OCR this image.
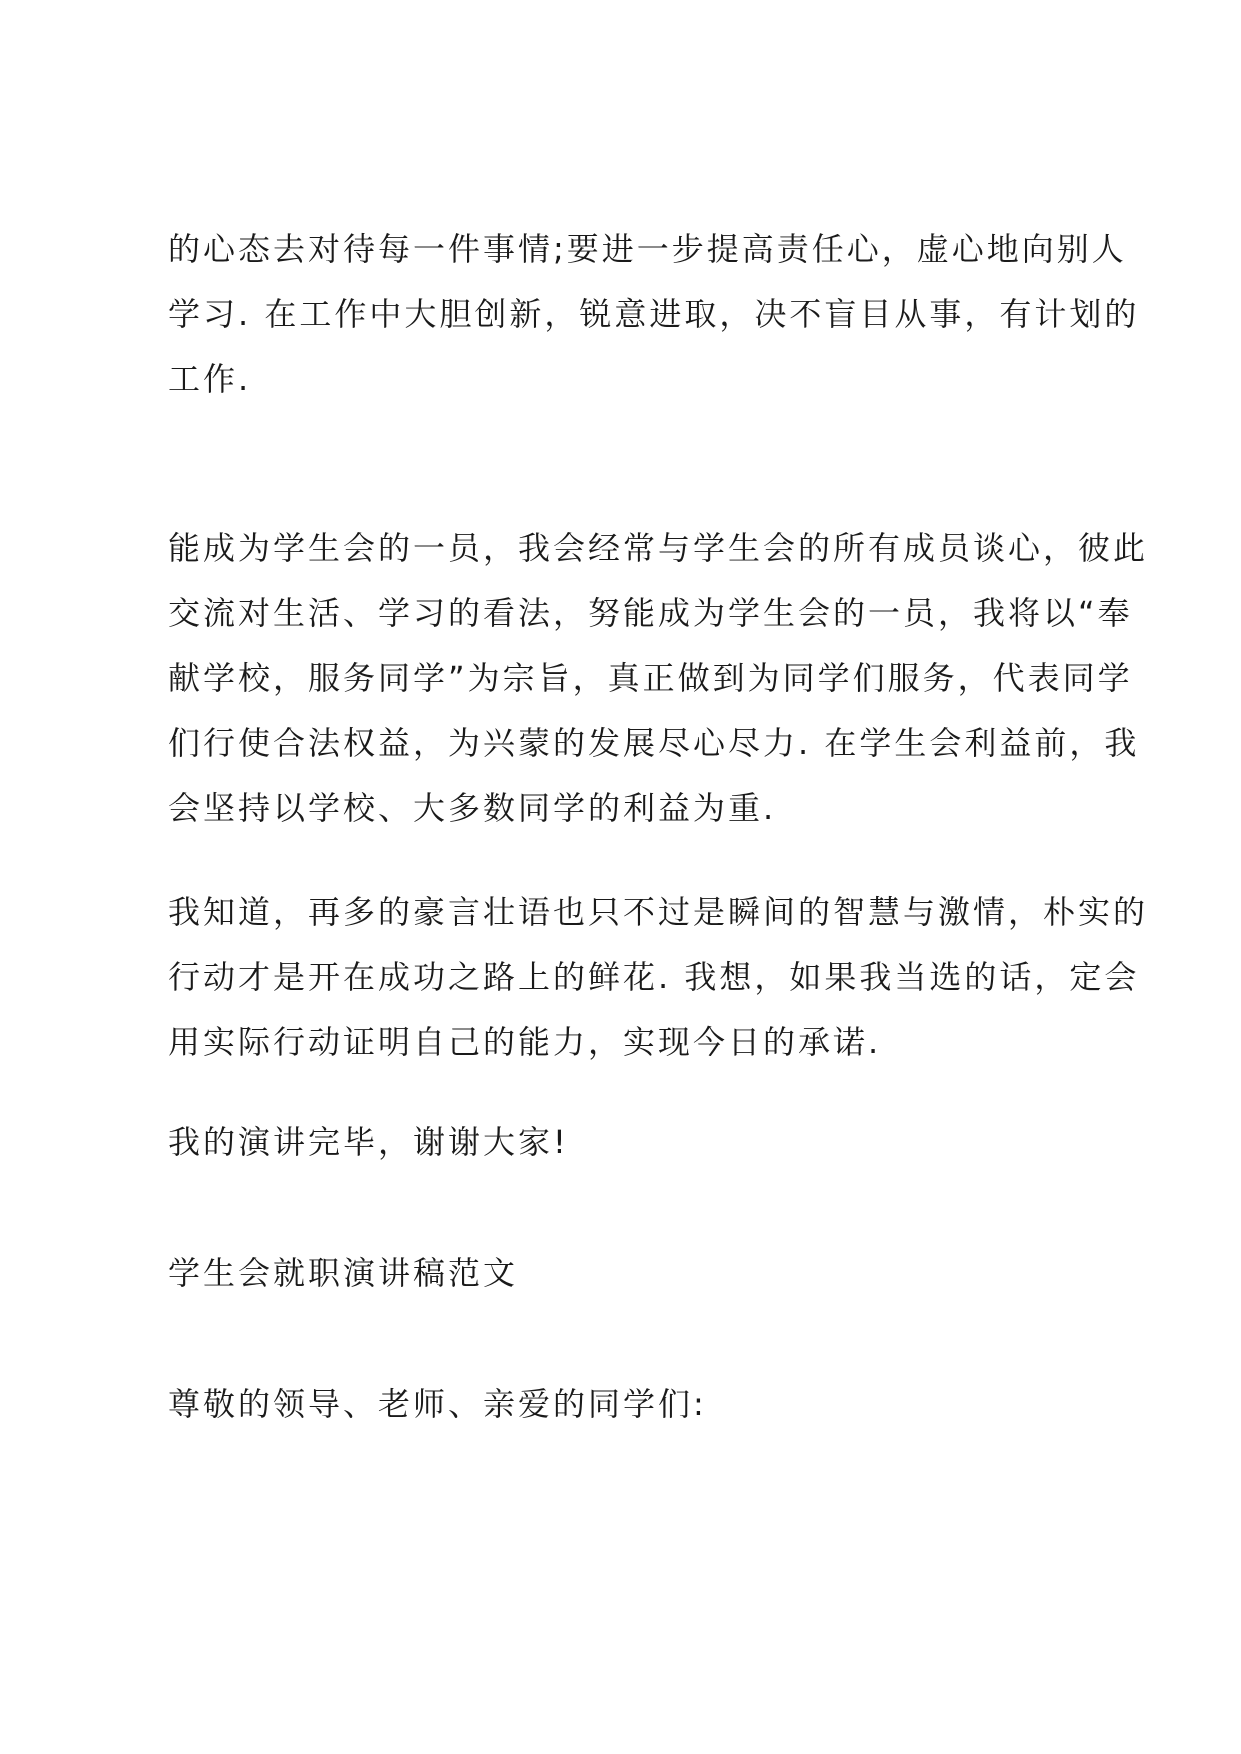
的心态去对待每一件事情;要进一步提高责任心，虚心地向别人
学习. 在工作中大胆创新，锐意进取，决不盲目从事，有计划的
工作.

能成为学生会的一员，我会经常与学生会的所有成员谈心，彼此
交流对生活、学习的看法，努能成为学生会的一员，我将以“奉
献学校，服务同学”为宗旨，真正做到为同学们服务，代表同学
们行使合法权益，为兴蒙的发展尽心尽力. 在学生会利益前，我
会坚持以学校、大多数同学的利益为重.

我知道，再多的豪言壮语也只不过是瞬间的智慧与激情，朴实的
行动才是开在成功之路上的鲜花. 我想，如果我当选的话，定会
用实际行动证明自己的能力，实现今日的承诺.

我的演讲完毕，谢谢大家!

学生会就职演讲稿范文

尊敬的领导、老师、亲爱的同学们:
